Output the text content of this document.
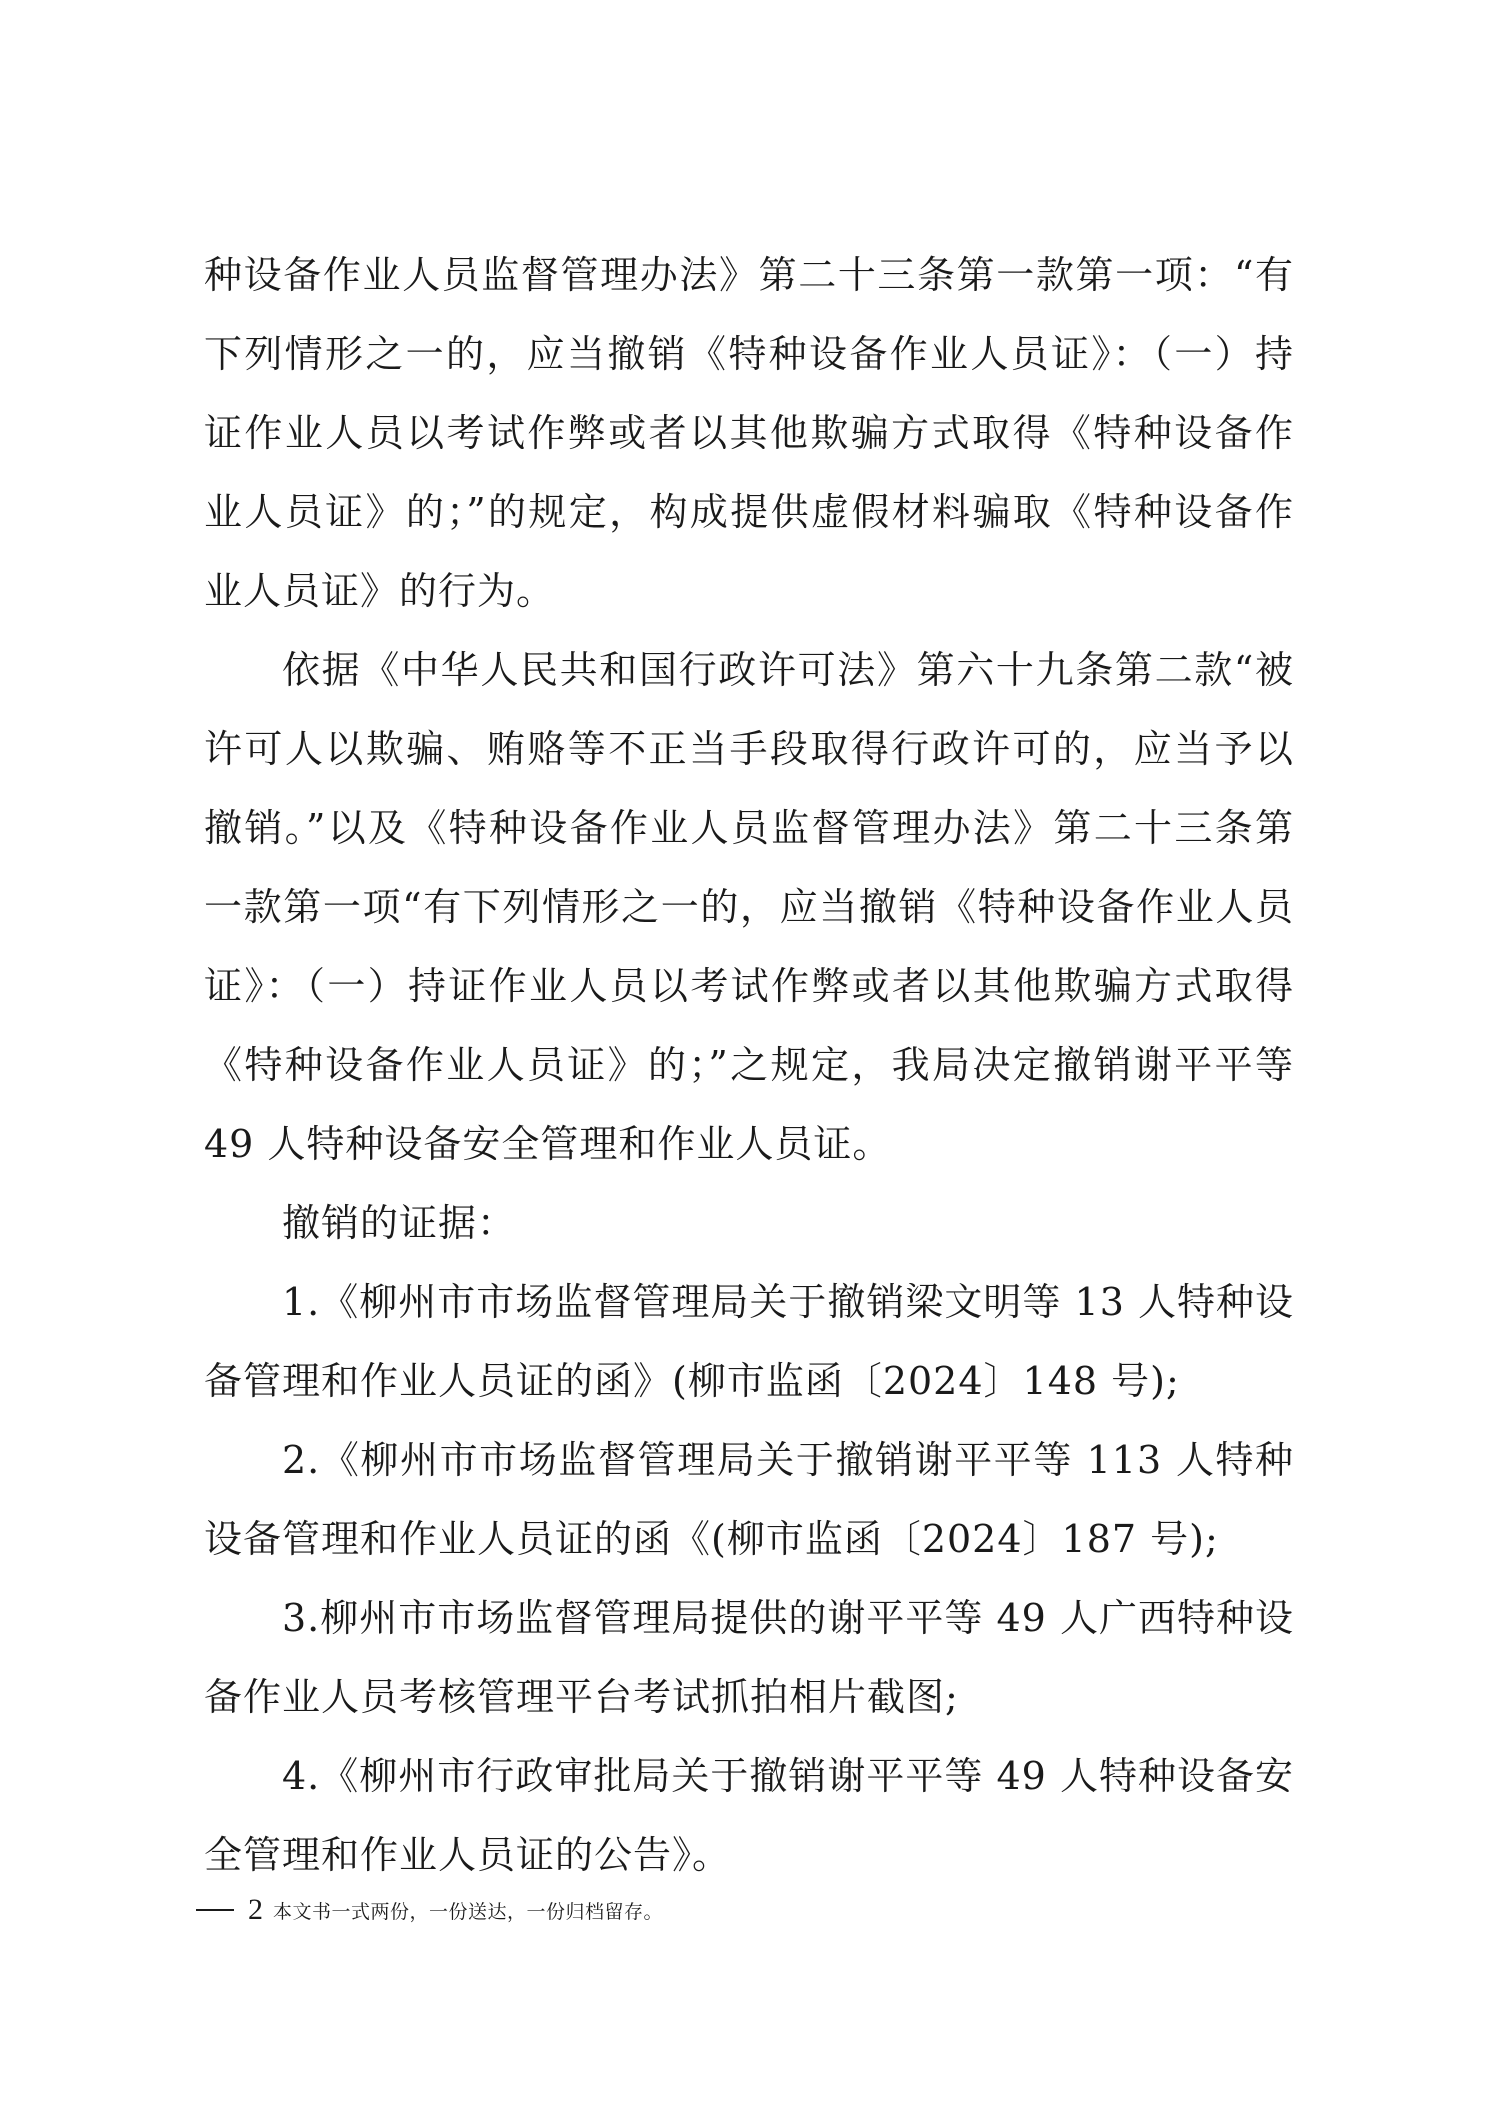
种设备作业人员监督管理办法》第二十三条第一款第一项：“有下列情形之一的，应当撤销《特种设备作业人员证》：（一）持证作业人员以考试作弊或者以其他欺骗方式取得《特种设备作业人员证》的；”的规定，构成提供虚假材料骗取《特种设备作业人员证》的行为。

依据《中华人民共和国行政许可法》第六十九条第二款“被许可人以欺骗、贿赂等不正当手段取得行政许可的，应当予以撤销。”以及《特种设备作业人员监督管理办法》第二十三条第一款第一项“有下列情形之一的，应当撤销《特种设备作业人员证》：（一）持证作业人员以考试作弊或者以其他欺骗方式取得《特种设备作业人员证》的；”之规定，我局决定撤销谢平平等 49 人特种设备安全管理和作业人员证。

撤销的证据：

1.《柳州市市场监督管理局关于撤销梁文明等 13 人特种设备管理和作业人员证的函》(柳市监函〔2024〕148 号);

2.《柳州市市场监督管理局关于撤销谢平平等 113 人特种设备管理和作业人员证的函《(柳市监函〔2024〕187 号);

3.柳州市市场监督管理局提供的谢平平等 49 人广西特种设备作业人员考核管理平台考试抓拍相片截图;

4.《柳州市行政审批局关于撤销谢平平等 49 人特种设备安全管理和作业人员证的公告》。

2 本文书一式两份，一份送达，一份归档留存。
